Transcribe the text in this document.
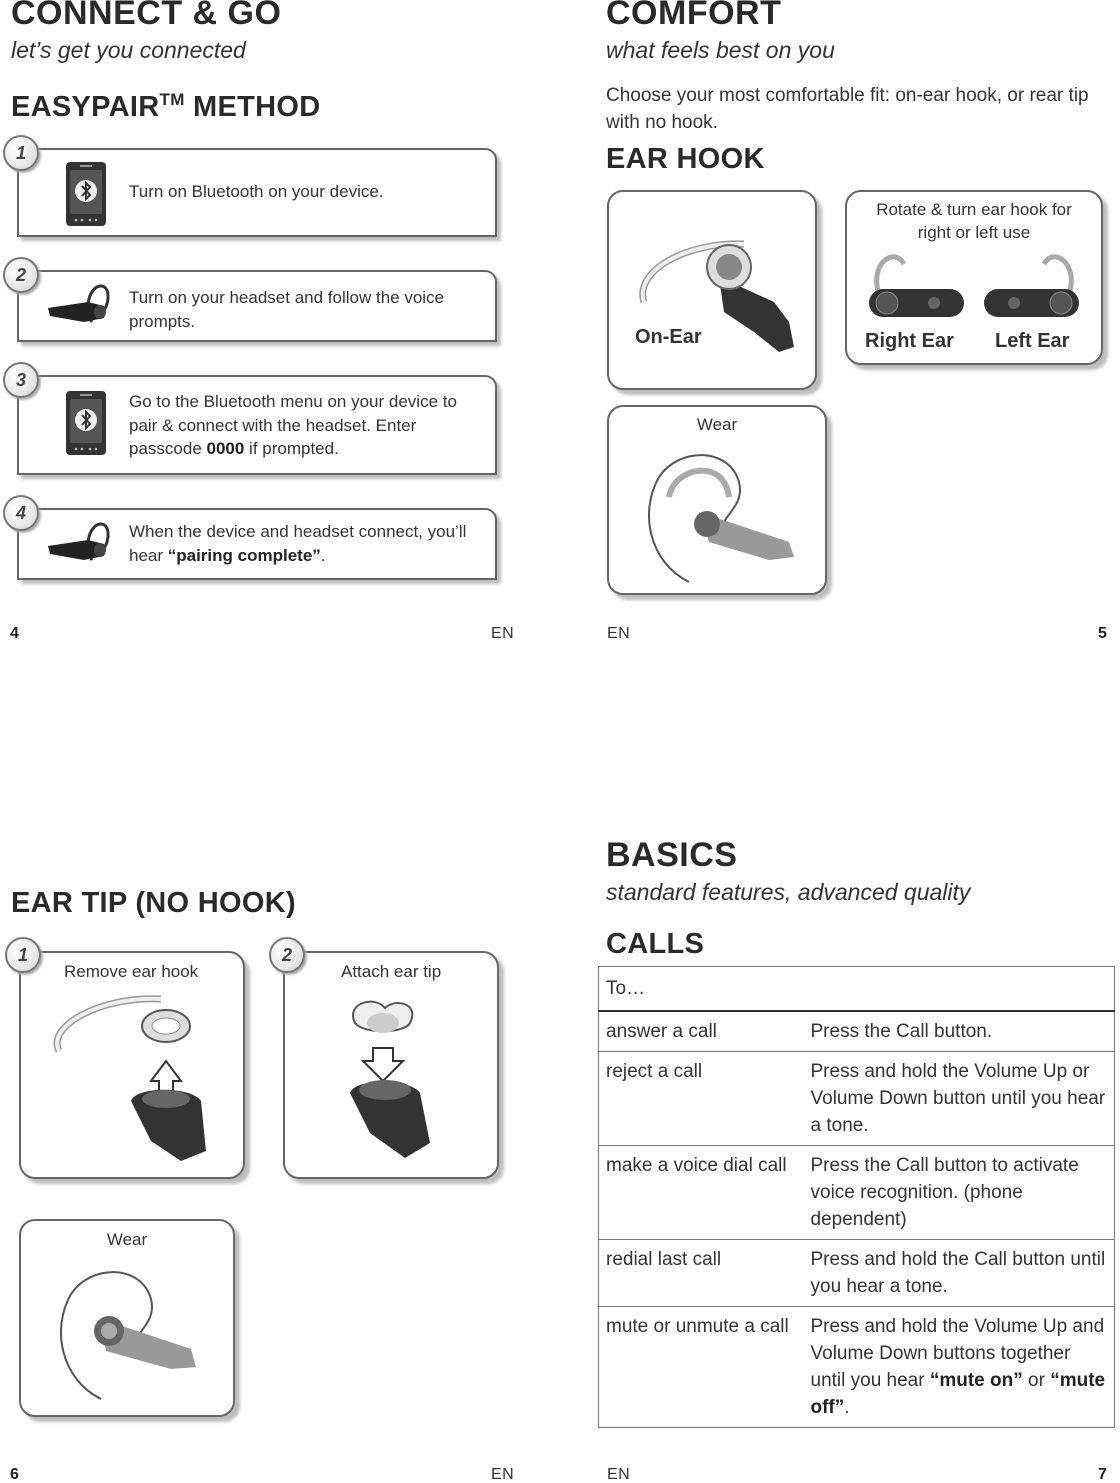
CONNECT & GO
let’s get you connected
EASYPAIR™ METHOD
Turn on Bluetooth on your device.
1
Turn on your headset and follow the voice prompts.
2
Go to the Bluetooth menu on your device to pair & connect with the headset. Enter passcode 0000 if prompted.
3
When the device and headset connect, you’ll hear “pairing complete”.
4
4	EN
COMFORT
what feels best on you
Choose your most comfortable fit: on-ear hook, or rear tip with no hook.
EAR HOOK
On-Ear
Rotate & turn ear hook for right or left use
Right Ear Left Ear
Wear
EN	5
EAR TIP (NO HOOK)
Remove ear hook
1
Attach ear tip
2
Wear
6	EN
BASICS
standard features, advanced quality
CALLS
To…	
answer a call	Press the Call button.
reject a call	Press and hold the Volume Up or Volume Down button until you hear a tone.
make a voice dial call	Press the Call button to activate voice recognition. (phone dependent)
redial last call	Press and hold the Call button until you hear a tone.
mute or unmute a call	Press and hold the Volume Up and Volume Down buttons together until you hear “mute on” or “mute off”.
EN	7
